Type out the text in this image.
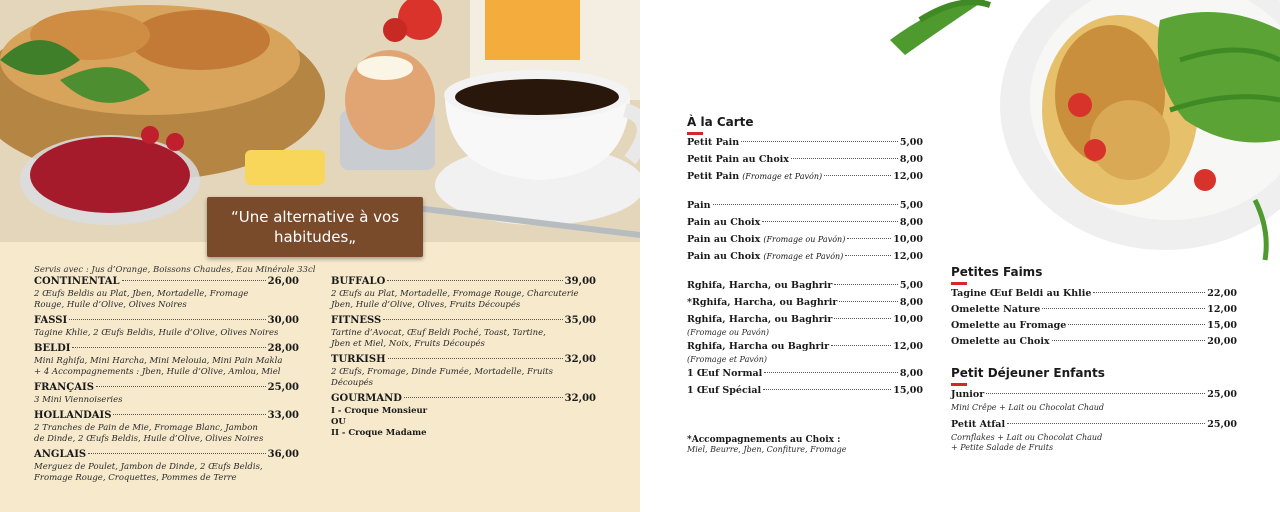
“Une alternative à vos habitudes„
Servis avec : Jus d’Orange, Boissons Chaudes, Eau Minérale 33cl
CONTINENTAL	26,00
2 Œufs Beldis au Plat, Jben, Mortadelle, Fromage
Rouge, Huile d’Olive, Olives Noires
FASSI	30,00
Tagine Khlie, 2 Œufs Beldis, Huile d’Olive, Olives Noires
BELDI	28,00
Mini Rghifa, Mini Harcha, Mini Melouia, Mini Pain Makla
+ 4 Accompagnements : Jben, Huile d’Olive, Amlou, Miel
FRANÇAIS	25,00
3 Mini Viennoiseries
HOLLANDAIS	33,00
2 Tranches de Pain de Mie, Fromage Blanc, Jambon
de Dinde, 2 Œufs Beldis, Huile d’Olive, Olives Noires
ANGLAIS	36,00
Merguez de Poulet, Jambon de Dinde, 2 Œufs Beldis,
Fromage Rouge, Croquettes, Pommes de Terre
BUFFALO	39,00
2 Œufs au Plat, Mortadelle, Fromage Rouge, Charcuterie
Jben, Huile d’Olive, Olives, Fruits Découpés
FITNESS	35,00
Tartine d’Avocat, Œuf Beldi Poché, Toast, Tartine,
Jben et Miel, Noix, Fruits Découpés
TURKISH	32,00
2 Œufs, Fromage, Dinde Fumée, Mortadelle, Fruits Découpés
GOURMAND	32,00
I - Croque Monsieur
OU
II - Croque Madame
À la Carte
Petit Pain	5,00
Petit Pain au Choix	8,00
Petit Pain (Fromage et Pavón)	12,00
Pain	5,00
Pain au Choix	8,00
Pain au Choix (Fromage ou Pavón)	10,00
Pain au Choix (Fromage et Pavón)	12,00
Rghifa, Harcha, ou Baghrir	5,00
*Rghifa, Harcha, ou Baghrir	8,00
Rghifa, Harcha, ou Baghrir	10,00
(Fromage ou Pavón)
Rghifa, Harcha ou Baghrir	12,00
(Fromage et Pavón)
1 Œuf Normal	8,00
1 Œuf Spécial	15,00
*Accompagnements au Choix :
Miel, Beurre, Jben, Confiture, Fromage
Petites Faims
Tagine Œuf Beldi au Khlie	22,00
Omelette Nature	12,00
Omelette au Fromage	15,00
Omelette au Choix	20,00
Petit Déjeuner Enfants
Junior	25,00
Mini Crêpe + Lait ou Chocolat Chaud
Petit Atfal	25,00
Cornflakes + Lait ou Chocolat Chaud
+ Petite Salade de Fruits
